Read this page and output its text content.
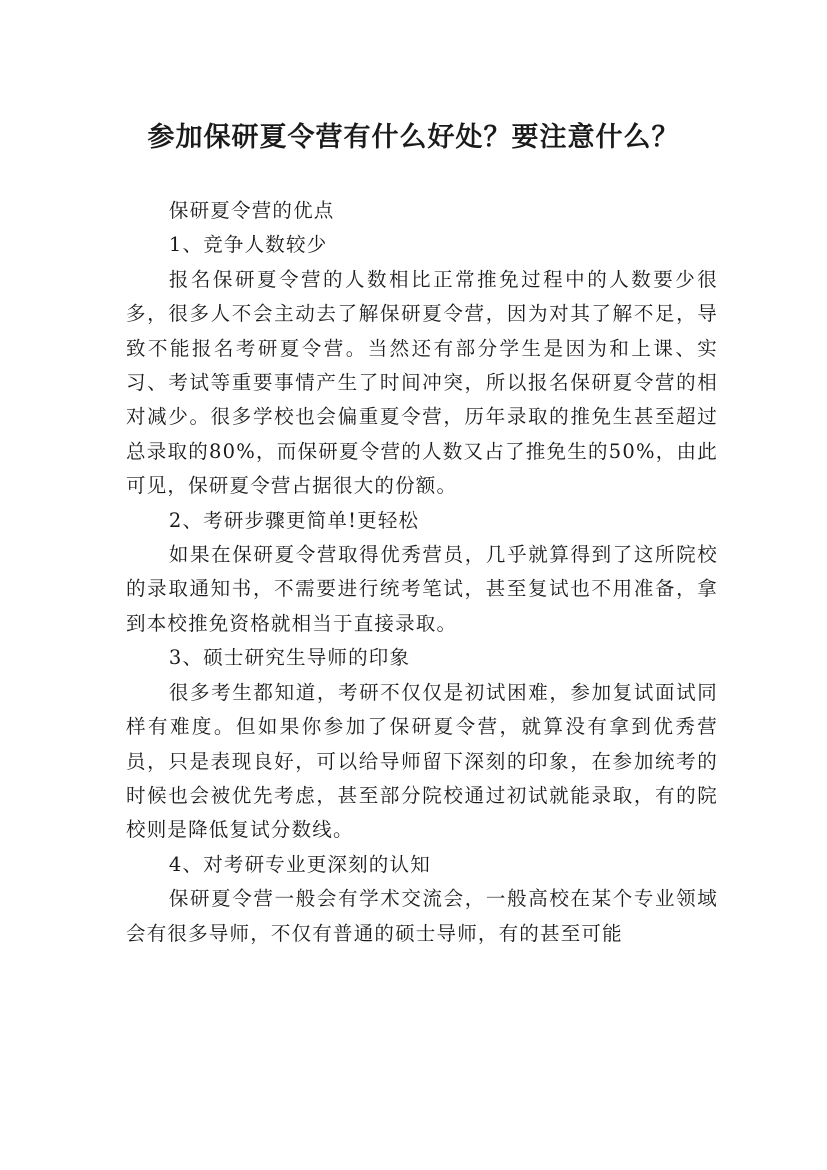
参加保研夏令营有什么好处？要注意什么？

保研夏令营的优点

1、竞争人数较少

报名保研夏令营的人数相比正常推免过程中的人数要少很多，很多人不会主动去了解保研夏令营，因为对其了解不足，导致不能报名考研夏令营。当然还有部分学生是因为和上课、实习、考试等重要事情产生了时间冲突，所以报名保研夏令营的相对减少。很多学校也会偏重夏令营，历年录取的推免生甚至超过总录取的80%，而保研夏令营的人数又占了推免生的50%，由此可见，保研夏令营占据很大的份额。

2、考研步骤更简单!更轻松

如果在保研夏令营取得优秀营员，几乎就算得到了这所院校的录取通知书，不需要进行统考笔试，甚至复试也不用准备，拿到本校推免资格就相当于直接录取。

3、硕士研究生导师的印象

很多考生都知道，考研不仅仅是初试困难，参加复试面试同样有难度。但如果你参加了保研夏令营，就算没有拿到优秀营员，只是表现良好，可以给导师留下深刻的印象，在参加统考的时候也会被优先考虑，甚至部分院校通过初试就能录取，有的院校则是降低复试分数线。

4、对考研专业更深刻的认知

保研夏令营一般会有学术交流会，一般高校在某个专业领域会有很多导师，不仅有普通的硕士导师，有的甚至可能
